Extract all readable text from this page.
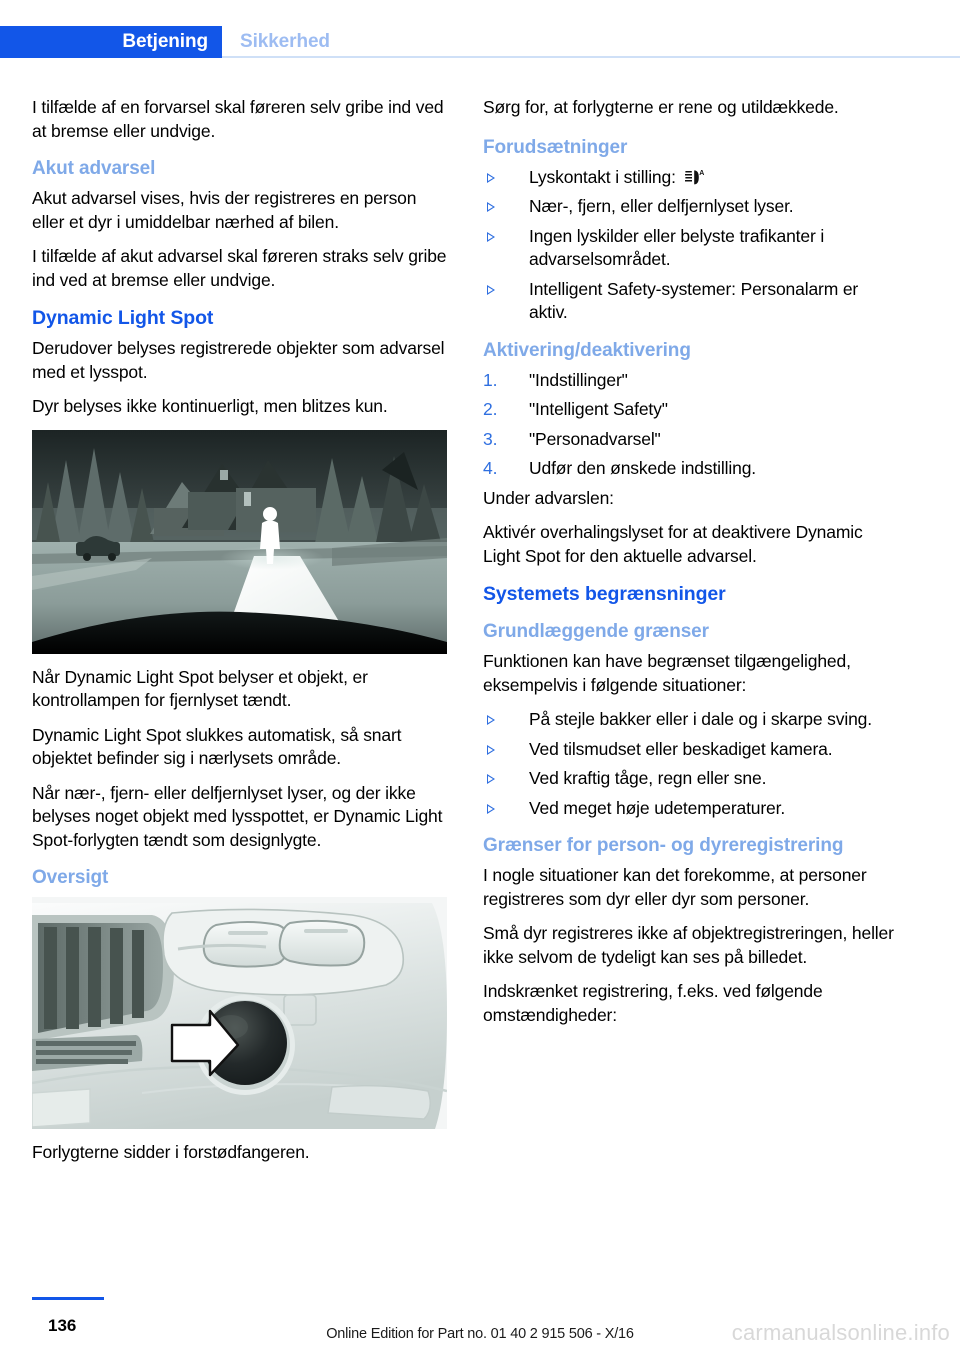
Betjening Sikkerhed

I tilfælde af en forvarsel skal føreren selv gribe ind ved at bremse eller undvige.

Akut advarsel

Akut advarsel vises, hvis der registreres en person eller et dyr i umiddelbar nærhed af bilen.

I tilfælde af akut advarsel skal føreren straks selv gribe ind ved at bremse eller undvige.

Dynamic Light Spot

Derudover belyses registrerede objekter som advarsel med et lysspot.

Dyr belyses ikke kontinuerligt, men blitzes kun.

Når Dynamic Light Spot belyser et objekt, er kontrollampen for fjernlyset tændt.

Dynamic Light Spot slukkes automatisk, så snart objektet befinder sig i nærlysets område.

Når nær-, fjern- eller delfjernlyset lyser, og der ikke belyses noget objekt med lysspottet, er Dynamic Light Spot-forlygten tændt som designlygte.

Oversigt

Forlygterne sidder i forstødfangeren.

Sørg for, at forlygterne er rene og utildækkede.

Forudsætninger
Lyskontakt i stilling:	A
Nær-, fjern, eller delfjernlyset lyser.
Ingen lyskilder eller belyste trafikanter i advarselsområdet.
Intelligent Safety-systemer: Personalarm er aktiv.
Aktivering/deaktivering
1. "Indstillinger"
2. "Intelligent Safety"
3. "Personadvarsel"
4. Udfør den ønskede indstilling.

Under advarslen:

Aktivér overhalingslyset for at deaktivere Dynamic Light Spot for den aktuelle advarsel.

Systemets begrænsninger
Grundlæggende grænser

Funktionen kan have begrænset tilgængelighed, eksempelvis i følgende situationer:

På stejle bakker eller i dale og i skarpe sving.
Ved tilsmudset eller beskadiget kamera.
Ved kraftig tåge, regn eller sne.
Ved meget høje udetemperaturer.
Grænser for person- og dyreregistrering

I nogle situationer kan det forekomme, at personer registreres som dyr eller dyr som personer.

Små dyr registreres ikke af objektregistreringen, heller ikke selvom de tydeligt kan ses på billedet.

Indskrænket registrering, f.eks. ved følgende omstændigheder:

136	Online Edition for Part no. 01 40 2 915 506 - X/16	carmanualsonline.info
